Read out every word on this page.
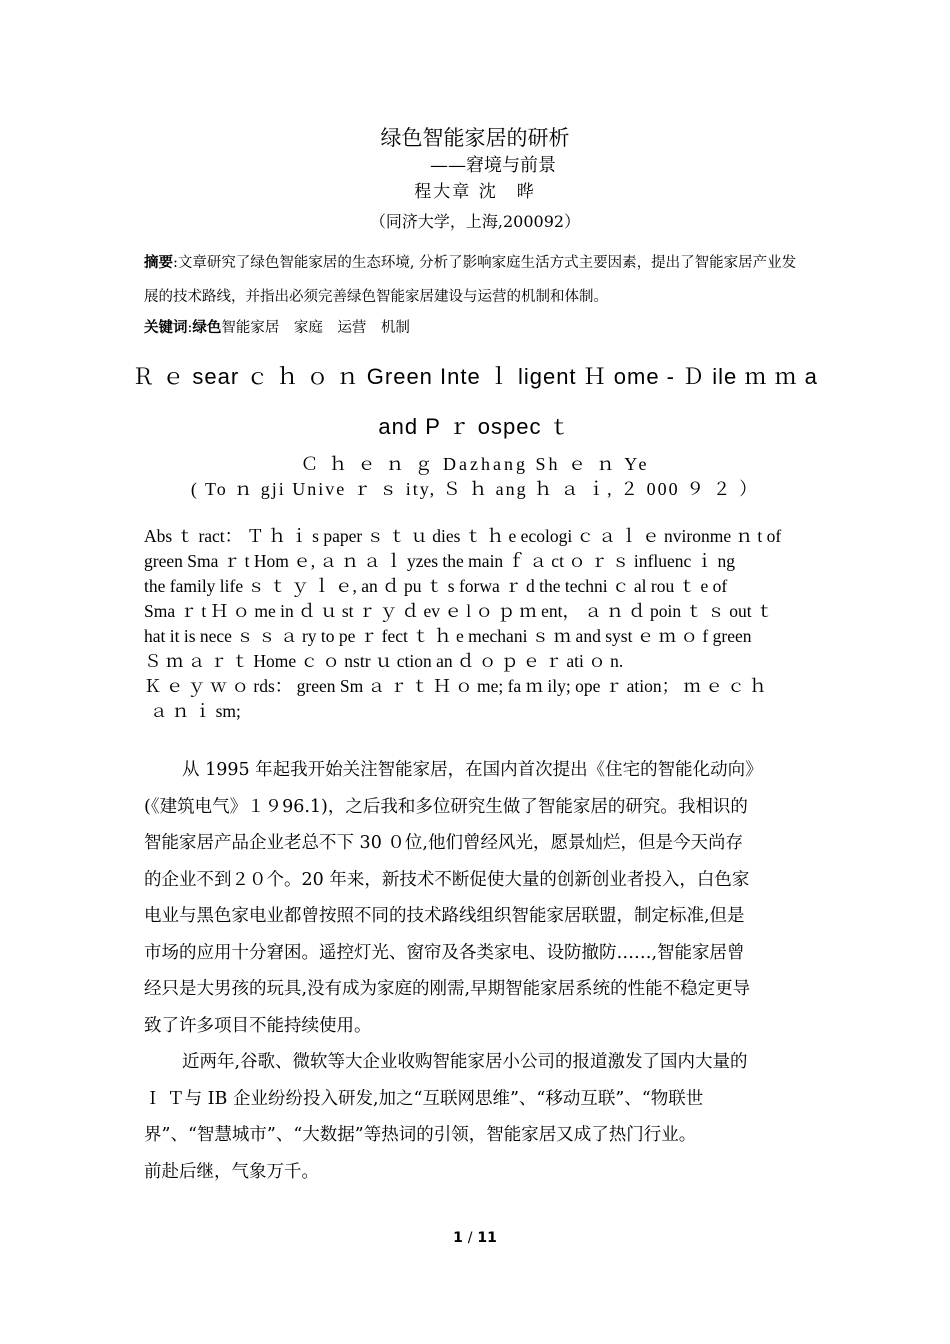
绿色智能家居的研析
——窘境与前景
程大章 沈　晔
（同济大学，上海,200092）
摘要:文章研究了绿色智能家居的生态环境, 分析了影响家庭生活方式主要因素，提出了智能家居产业发展的技术路线，并指出必须完善绿色智能家居建设与运营的机制和体制。
关键词:绿色智能家居　家庭　运营　机制
Ｒ ｅ sear ｃ ｈ ｏ ｎ Green Inte ｌ ligent Ｈ ome - Ｄ ile ｍ ｍ a
and P ｒ ospec ｔ
Ｃ ｈ ｅ ｎ ｇ Dazhang Sh ｅ ｎ Ye
( To ｎ gji Unive ｒ ｓ ity, Ｓ ｈ ang ｈ ａ ｉ, ２ 000 ９ ２ ）
Abs ｔ ract： Ｔ ｈ ｉ s paper ｓ ｔ ｕ dies ｔ ｈ e ecologi ｃ ａ ｌ ｅ nvironme ｎ t of
green Sma ｒ t Hom ｅ, ａ ｎ ａ ｌ yzes the main ｆ ａ ct ｏ ｒ ｓ influenc ｉ ng
the family life ｓ ｔ ｙ ｌ ｅ, an ｄ pu ｔ s forwa ｒ d the techni ｃ al rou ｔ e of
Sma ｒ t Ｈ ｏ me in ｄ ｕ st ｒ ｙ ｄ ev ｅ l ｏ ｐ ｍ ent， ａ ｎ ｄ poin ｔ ｓ out ｔ
hat it is nece ｓ ｓ ａ ry to pe ｒ fect ｔ ｈ e mechani ｓ ｍ and syst ｅ ｍ ｏ f green
Ｓ ｍ ａ ｒ ｔ Home ｃ ｏ nstr ｕ ction an ｄ ｏ ｐ ｅ ｒ ati ｏ n.
Ｋ ｅ ｙ ｗ ｏ rds： green Sm ａ ｒ ｔ Ｈ ｏ me; fa ｍ ily; ope ｒ ation； ｍ ｅ ｃ ｈ
ａ ｎ ｉ sm;
从 1995 年起我开始关注智能家居，在国内首次提出《住宅的智能化动向》
(《建筑电气》１９96.1)，之后我和多位研究生做了智能家居的研究。我相识的
智能家居产品企业老总不下 30 ０位,他们曾经风光，愿景灿烂，但是今天尚存
的企业不到２０个。20 年来，新技术不断促使大量的创新创业者投入，白色家
电业与黑色家电业都曾按照不同的技术路线组织智能家居联盟，制定标准,但是
市场的应用十分窘困。遥控灯光、窗帘及各类家电、设防撤防……,智能家居曾
经只是大男孩的玩具,没有成为家庭的刚需,早期智能家居系统的性能不稳定更导
致了许多项目不能持续使用。
近两年,谷歌、微软等大企业收购智能家居小公司的报道激发了国内大量的
Ｉ Ｔ与 IB 企业纷纷投入研发,加之“互联网思维”、“移动互联”、“物联世
界”、“智慧城市”、“大数据”等热词的引领，智能家居又成了热门行业。
前赴后继，气象万千。
1 / 11
